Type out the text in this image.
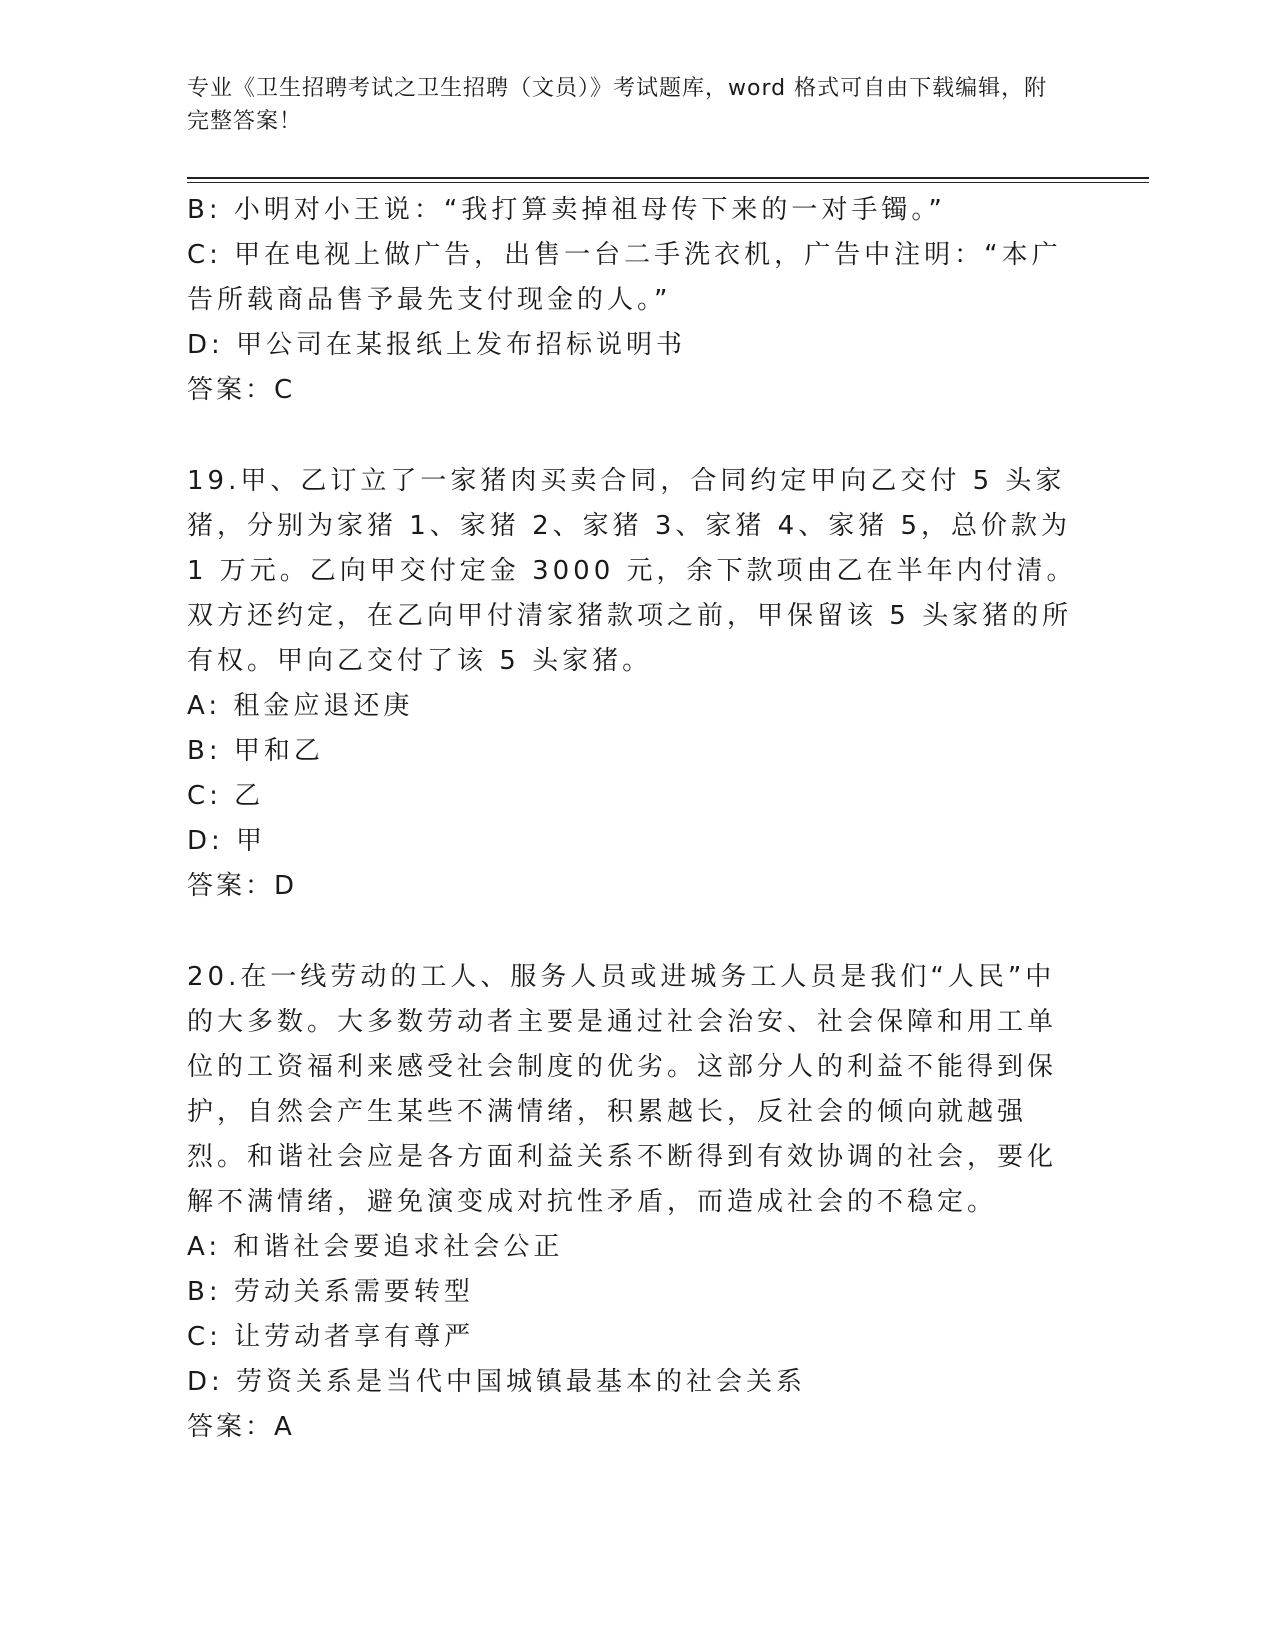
专业《卫生招聘考试之卫生招聘（文员）》考试题库，word 格式可自由下载编辑，附完整答案！

B: 小明对小王说：“我打算卖掉祖母传下来的一对手镯。”

C: 甲在电视上做广告，出售一台二手洗衣机，广告中注明：“本广告所载商品售予最先支付现金的人。”

D: 甲公司在某报纸上发布招标说明书

答案：C

19.甲、乙订立了一家猪肉买卖合同，合同约定甲向乙交付 5 头家猪，分别为家猪 1、家猪 2、家猪 3、家猪 4、家猪 5，总价款为 1 万元。乙向甲交付定金 3000 元，余下款项由乙在半年内付清。双方还约定，在乙向甲付清家猪款项之前，甲保留该 5 头家猪的所有权。甲向乙交付了该 5 头家猪。

A: 租金应退还庚

B: 甲和乙

C: 乙

D: 甲

答案：D

20.在一线劳动的工人、服务人员或进城务工人员是我们“人民”中的大多数。大多数劳动者主要是通过社会治安、社会保障和用工单位的工资福利来感受社会制度的优劣。这部分人的利益不能得到保护，自然会产生某些不满情绪，积累越长，反社会的倾向就越强烈。和谐社会应是各方面利益关系不断得到有效协调的社会，要化解不满情绪，避免演变成对抗性矛盾，而造成社会的不稳定。

A: 和谐社会要追求社会公正

B: 劳动关系需要转型

C: 让劳动者享有尊严

D: 劳资关系是当代中国城镇最基本的社会关系

答案：A
